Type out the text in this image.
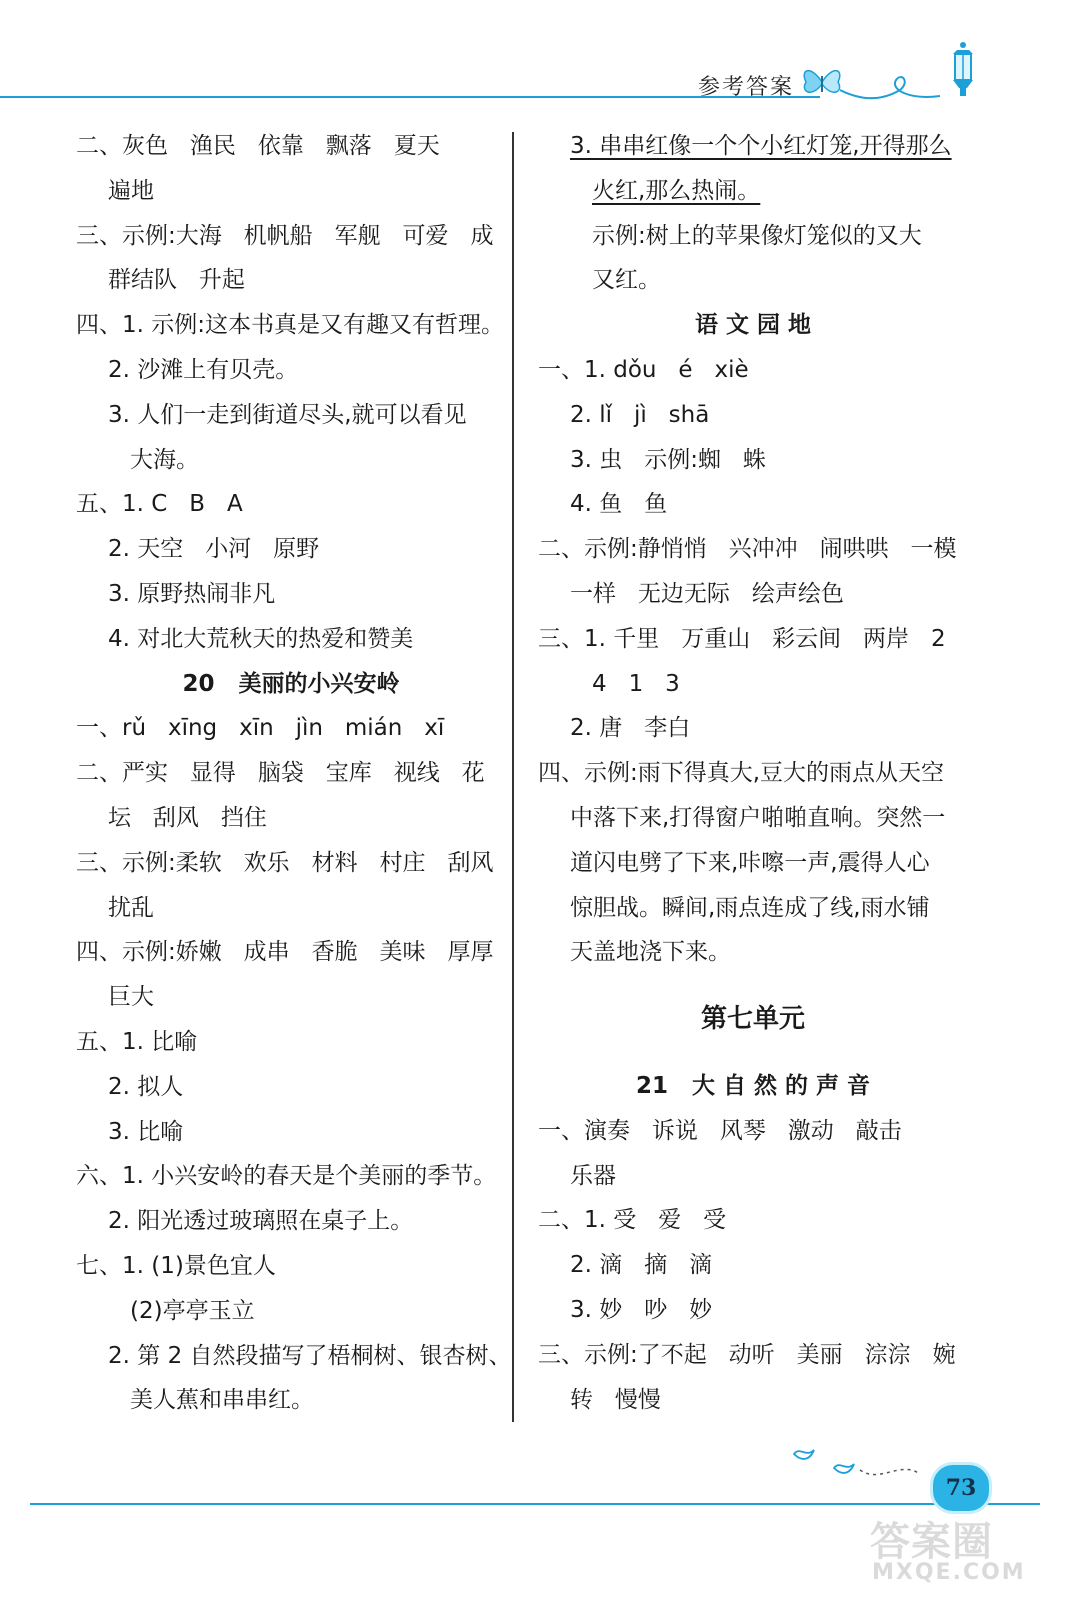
参考答案
二、灰色   渔民   依靠   飘落   夏天
遍地
三、示例:大海   机帆船   军舰   可爱   成
群结队   升起
四、1. 示例:这本书真是又有趣又有哲理。
2. 沙滩上有贝壳。
3. 人们一走到街道尽头,就可以看见
大海。
五、1. C   B   A
2. 天空   小河   原野
3. 原野热闹非凡
4. 对北大荒秋天的热爱和赞美
20   美丽的小兴安岭
一、rǔ   xīng   xīn   jìn   mián   xī
二、严实   显得   脑袋   宝库   视线   花
坛   刮风   挡住
三、示例:柔软   欢乐   材料   村庄   刮风
扰乱
四、示例:娇嫩   成串   香脆   美味   厚厚
巨大
五、1. 比喻
2. 拟人
3. 比喻
六、1. 小兴安岭的春天是个美丽的季节。
2. 阳光透过玻璃照在桌子上。
七、1. (1)景色宜人
(2)亭亭玉立
2. 第 2 自然段描写了梧桐树、银杏树、
美人蕉和串串红。
3. 串串红像一个个小红灯笼,开得那么
火红,那么热闹。
示例:树上的苹果像灯笼似的又大
又红。
语 文 园 地
一、1. dǒu   é   xiè
2. lǐ   jì   shā
3. 虫   示例:蜘   蛛
4. 鱼   鱼
二、示例:静悄悄   兴冲冲   闹哄哄   一模
一样   无边无际   绘声绘色
三、1. 千里   万重山   彩云间   两岸   2
4   1   3
2. 唐   李白
四、示例:雨下得真大,豆大的雨点从天空
中落下来,打得窗户啪啪直响。突然一
道闪电劈了下来,咔嚓一声,震得人心
惊胆战。瞬间,雨点连成了线,雨水铺
天盖地浇下来。
第七单元
21   大 自 然 的 声 音
一、演奏   诉说   风琴   激动   敲击
乐器
二、1. 受   爱   受
2. 滴   摘   滴
3. 妙   吵   妙
三、示例:了不起   动听   美丽   淙淙   婉
转   慢慢
73
答案圈
MXQE.COM
